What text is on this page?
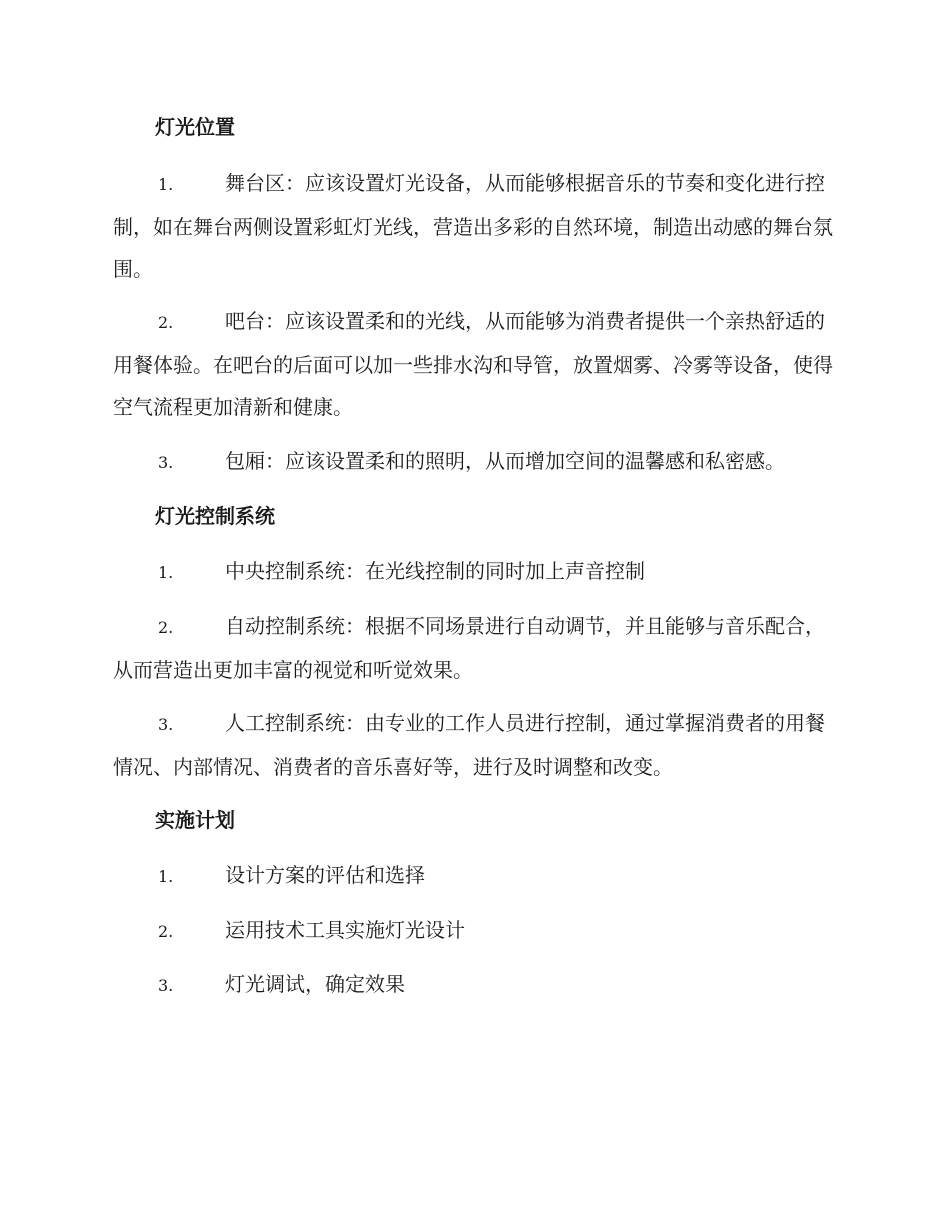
灯光位置

1.	舞台区：应该设置灯光设备，从而能够根据音乐的节奏和变化进行控制，如在舞台两侧设置彩虹灯光线，营造出多彩的自然环境，制造出动感的舞台氛围。

2.	吧台：应该设置柔和的光线，从而能够为消费者提供一个亲热舒适的用餐体验。在吧台的后面可以加一些排水沟和导管，放置烟雾、冷雾等设备，使得空气流程更加清新和健康。

3.	包厢：应该设置柔和的照明，从而增加空间的温馨感和私密感。

灯光控制系统

1.	中央控制系统：在光线控制的同时加上声音控制

2.	自动控制系统：根据不同场景进行自动调节，并且能够与音乐配合，从而营造出更加丰富的视觉和听觉效果。

3.	人工控制系统：由专业的工作人员进行控制，通过掌握消费者的用餐情况、内部情况、消费者的音乐喜好等，进行及时调整和改变。

实施计划

1.	设计方案的评估和选择

2.	运用技术工具实施灯光设计

3.	灯光调试，确定效果
